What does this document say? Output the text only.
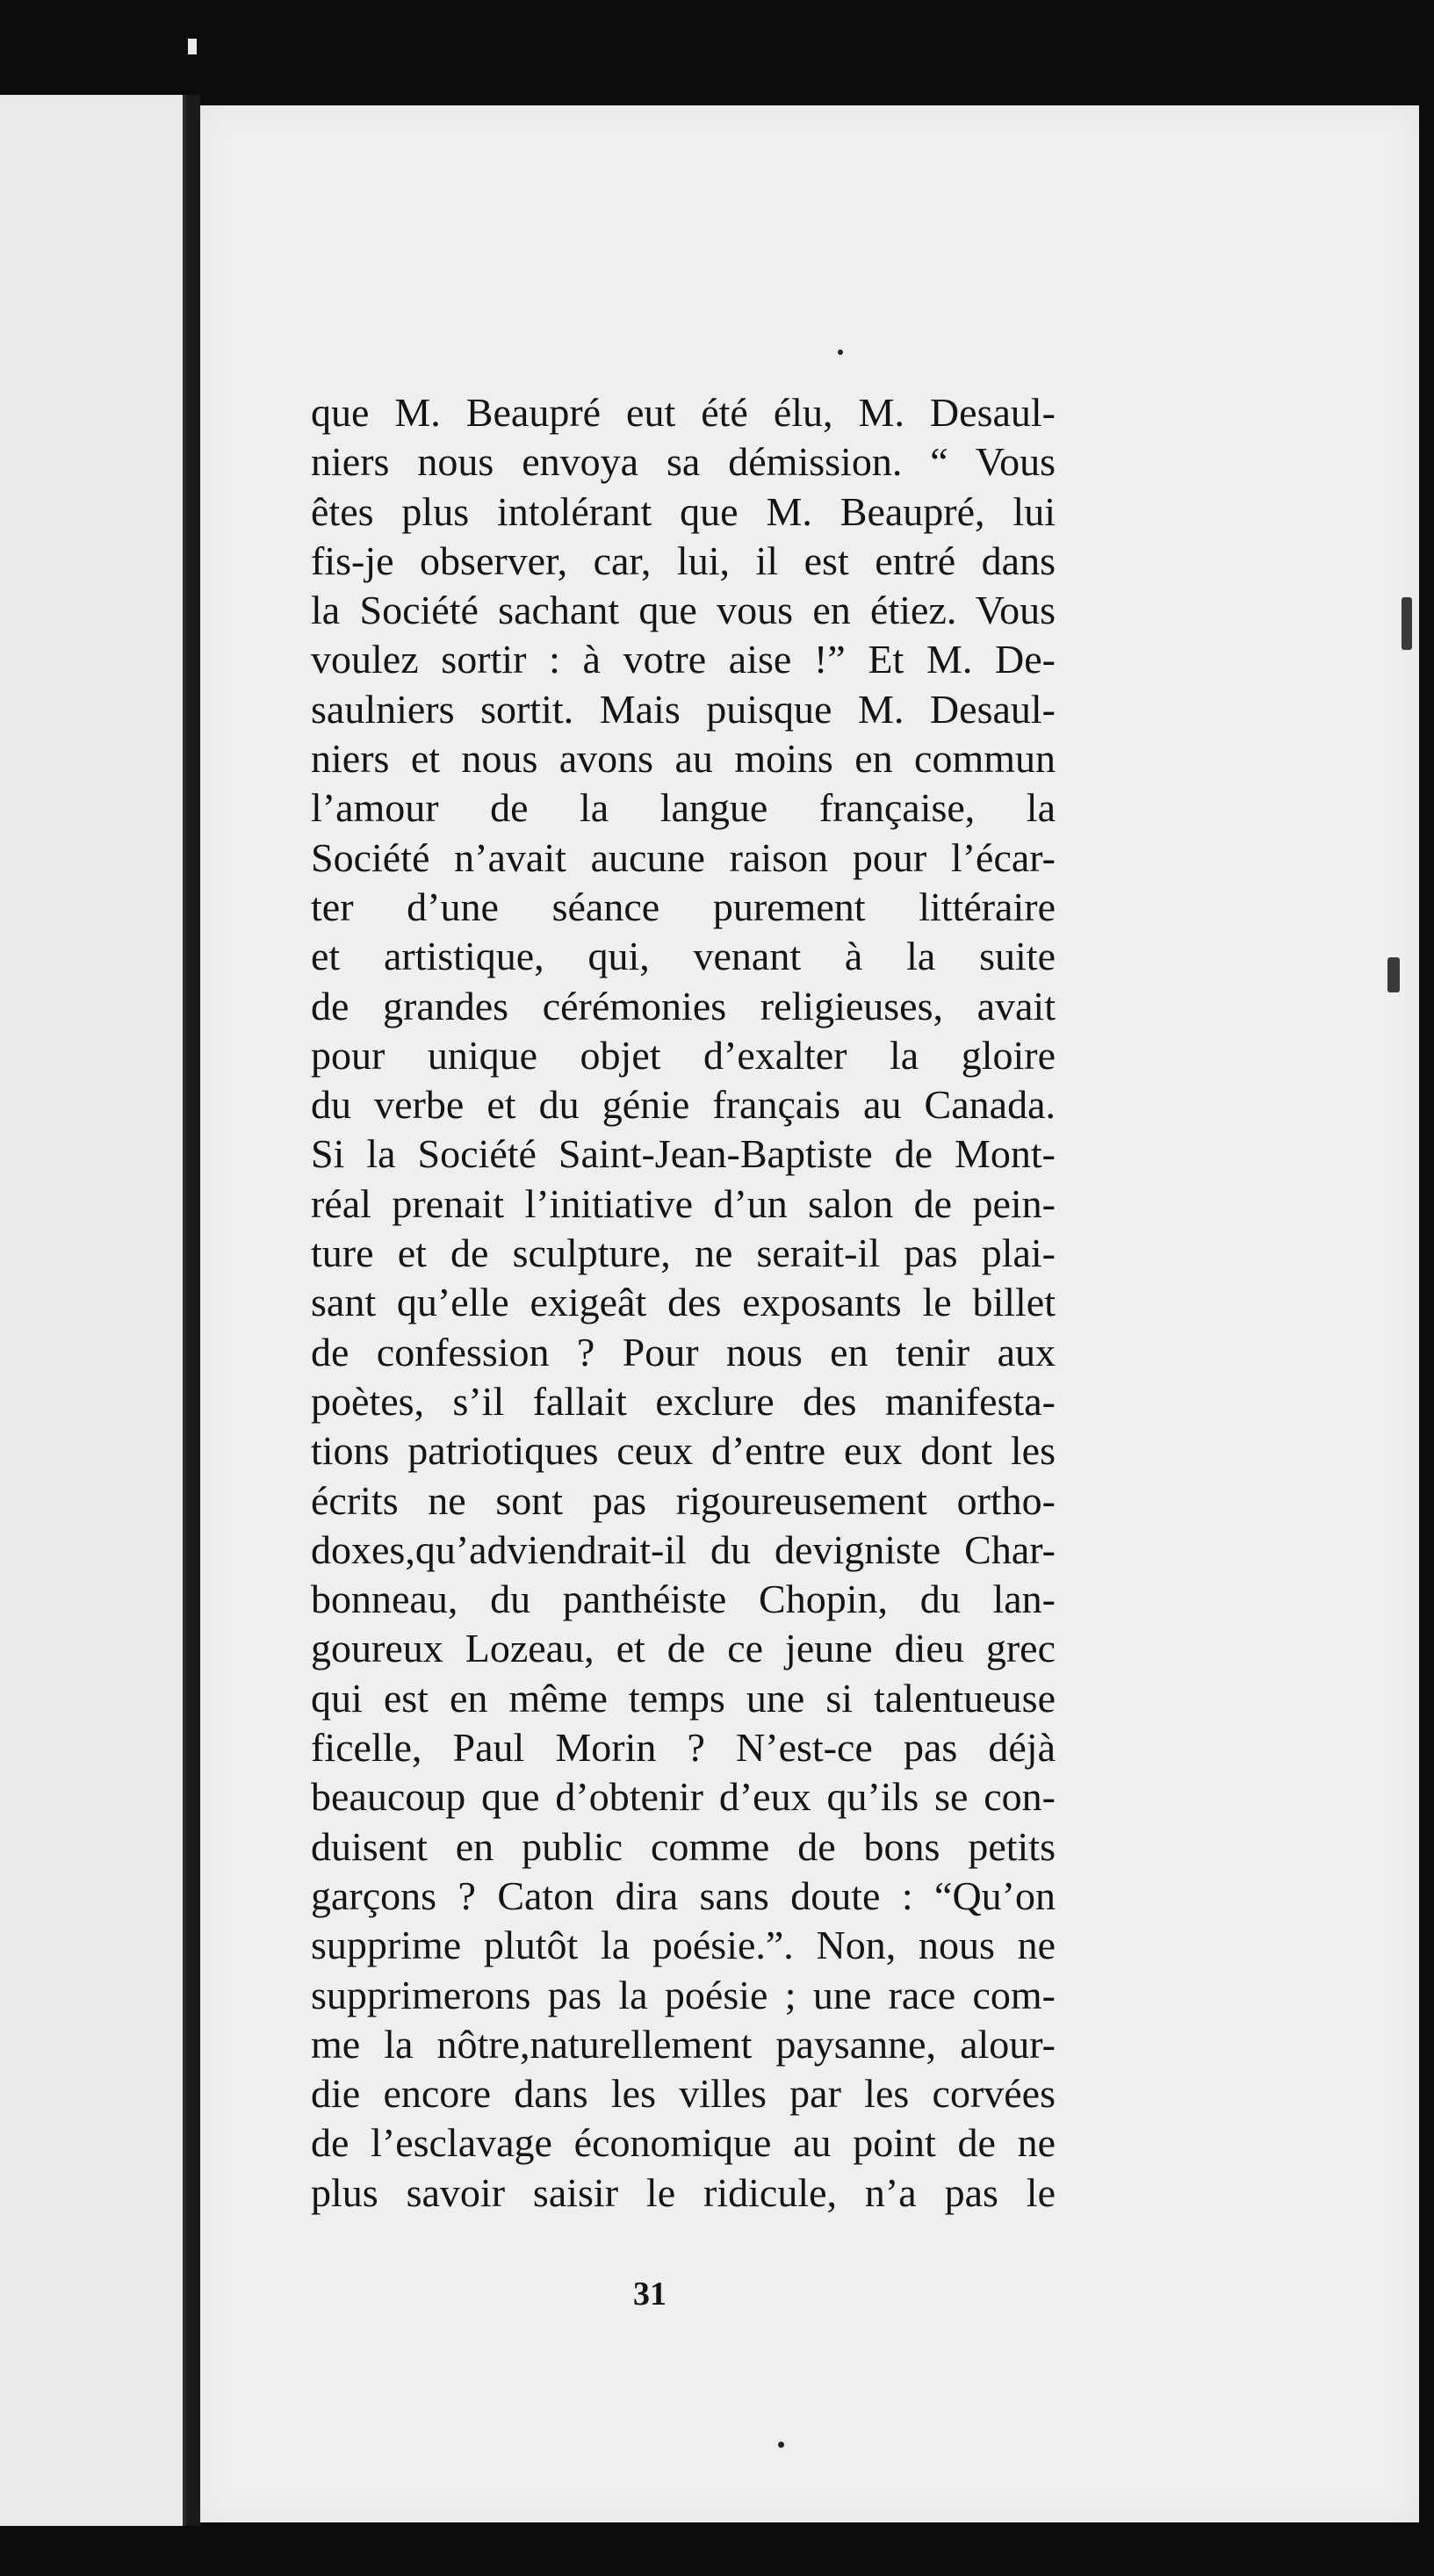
que M. Beaupré eut été élu, M. Desaul-
niers nous envoya sa démission. “ Vous
êtes plus intolérant que M. Beaupré, lui
fis-je observer, car, lui, il est entré dans
la Société sachant que vous en étiez. Vous
voulez sortir : à votre aise !” Et M. De-
saulniers sortit. Mais puisque M. Desaul-
niers et nous avons au moins en commun
l’amour de la langue française, la
Société n’avait aucune raison pour l’écar-
ter d’une séance purement littéraire
et artistique, qui, venant à la suite
de grandes cérémonies religieuses, avait
pour unique objet d’exalter la gloire
du verbe et du génie français au Canada.
Si la Société Saint-Jean-Baptiste de Mont-
réal prenait l’initiative d’un salon de pein-
ture et de sculpture, ne serait-il pas plai-
sant qu’elle exigeât des exposants le billet
de confession ? Pour nous en tenir aux
poètes, s’il fallait exclure des manifesta-
tions patriotiques ceux d’entre eux dont les
écrits ne sont pas rigoureusement ortho-
doxes,qu’adviendrait-il du devigniste Char-
bonneau, du panthéiste Chopin, du lan-
goureux Lozeau, et de ce jeune dieu grec
qui est en même temps une si talentueuse
ficelle, Paul Morin ? N’est-ce pas déjà
beaucoup que d’obtenir d’eux qu’ils se con-
duisent en public comme de bons petits
garçons ? Caton dira sans doute : “Qu’on
supprime plutôt la poésie.”. Non, nous ne
supprimerons pas la poésie ; une race com-
me la nôtre,naturellement paysanne, alour-
die encore dans les villes par les corvées
de l’esclavage économique au point de ne
plus savoir saisir le ridicule, n’a pas le
31
